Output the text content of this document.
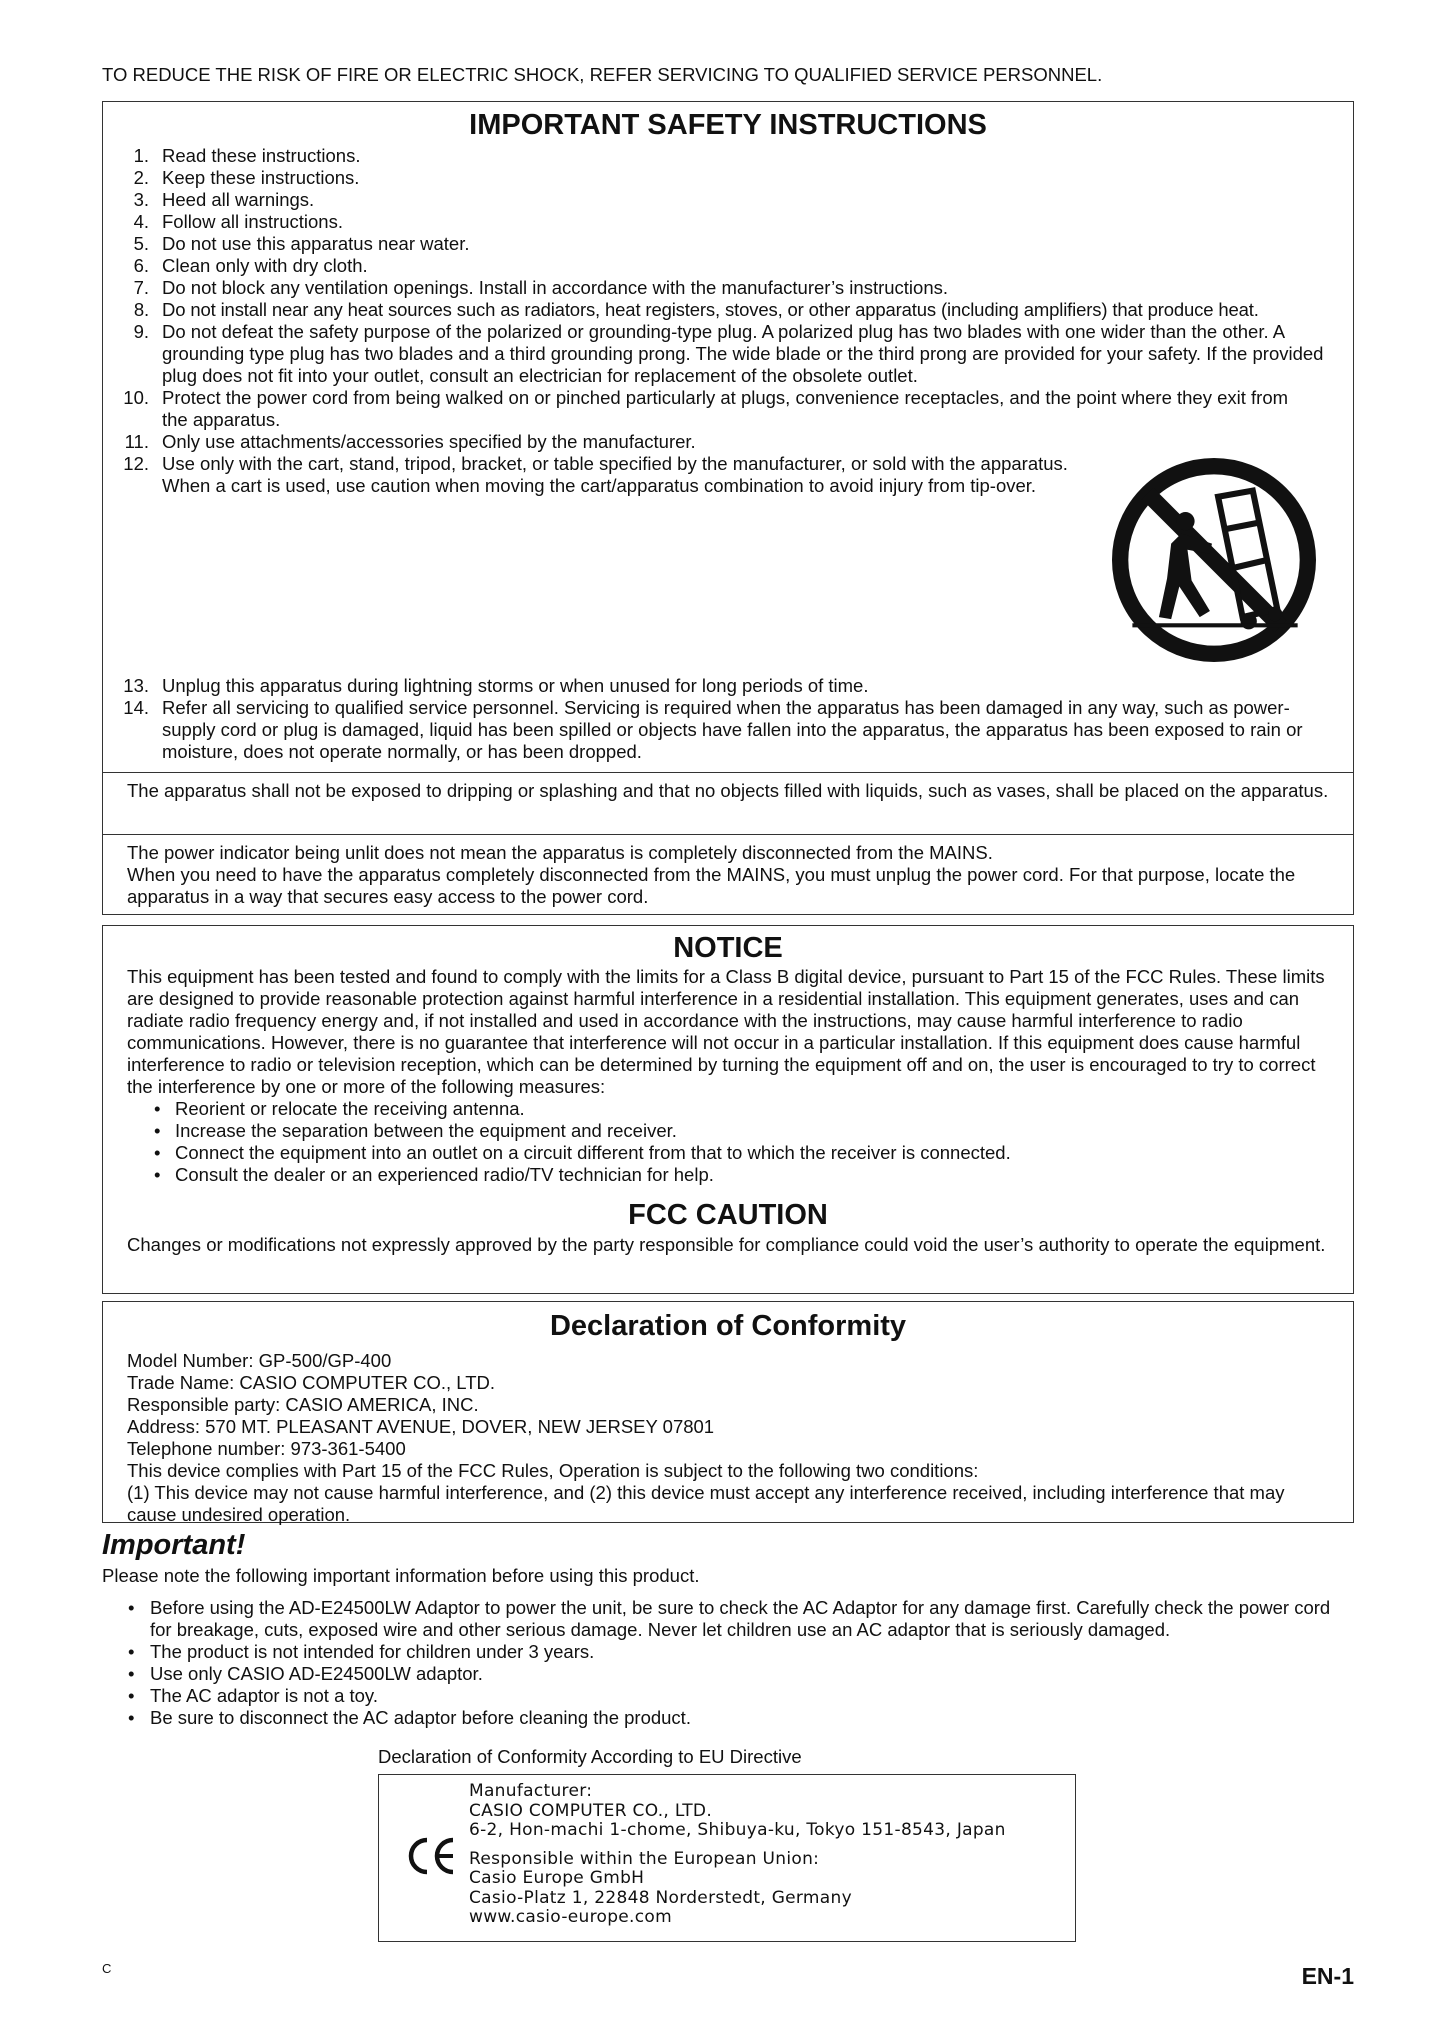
TO REDUCE THE RISK OF FIRE OR ELECTRIC SHOCK, REFER SERVICING TO QUALIFIED SERVICE PERSONNEL.
IMPORTANT SAFETY INSTRUCTIONS
1. Read these instructions.
2. Keep these instructions.
3. Heed all warnings.
4. Follow all instructions.
5. Do not use this apparatus near water.
6. Clean only with dry cloth.
7. Do not block any ventilation openings. Install in accordance with the manufacturer’s instructions.
8. Do not install near any heat sources such as radiators, heat registers, stoves, or other apparatus (including amplifiers) that produce heat.
9. Do not defeat the safety purpose of the polarized or grounding-type plug. A polarized plug has two blades with one wider than the other. A grounding type plug has two blades and a third grounding prong. The wide blade or the third prong are provided for your safety. If the provided plug does not fit into your outlet, consult an electrician for replacement of the obsolete outlet.
10. Protect the power cord from being walked on or pinched particularly at plugs, convenience receptacles, and the point where they exit from the apparatus.
11. Only use attachments/accessories specified by the manufacturer.
12. Use only with the cart, stand, tripod, bracket, or table specified by the manufacturer, or sold with the apparatus. When a cart is used, use caution when moving the cart/apparatus combination to avoid injury from tip-over.
13. Unplug this apparatus during lightning storms or when unused for long periods of time.
14. Refer all servicing to qualified service personnel. Servicing is required when the apparatus has been damaged in any way, such as power-supply cord or plug is damaged, liquid has been spilled or objects have fallen into the apparatus, the apparatus has been exposed to rain or moisture, does not operate normally, or has been dropped.
The apparatus shall not be exposed to dripping or splashing and that no objects filled with liquids, such as vases, shall be placed on the apparatus.
The power indicator being unlit does not mean the apparatus is completely disconnected from the MAINS.
When you need to have the apparatus completely disconnected from the MAINS, you must unplug the power cord. For that purpose, locate the apparatus in a way that secures easy access to the power cord.
NOTICE
This equipment has been tested and found to comply with the limits for a Class B digital device, pursuant to Part 15 of the FCC Rules. These limits are designed to provide reasonable protection against harmful interference in a residential installation. This equipment generates, uses and can radiate radio frequency energy and, if not installed and used in accordance with the instructions, may cause harmful interference to radio communications. However, there is no guarantee that interference will not occur in a particular installation. If this equipment does cause harmful interference to radio or television reception, which can be determined by turning the equipment off and on, the user is encouraged to try to correct the interference by one or more of the following measures:
• Reorient or relocate the receiving antenna.
• Increase the separation between the equipment and receiver.
• Connect the equipment into an outlet on a circuit different from that to which the receiver is connected.
• Consult the dealer or an experienced radio/TV technician for help.
FCC CAUTION
Changes or modifications not expressly approved by the party responsible for compliance could void the user’s authority to operate the equipment.
Declaration of Conformity
Model Number: GP-500/GP-400
Trade Name: CASIO COMPUTER CO., LTD.
Responsible party: CASIO AMERICA, INC.
Address: 570 MT. PLEASANT AVENUE, DOVER, NEW JERSEY 07801
Telephone number: 973-361-5400
This device complies with Part 15 of the FCC Rules, Operation is subject to the following two conditions:
(1) This device may not cause harmful interference, and (2) this device must accept any interference received, including interference that may cause undesired operation.
Important!
Please note the following important information before using this product.
• Before using the AD-E24500LW Adaptor to power the unit, be sure to check the AC Adaptor for any damage first. Carefully check the power cord for breakage, cuts, exposed wire and other serious damage. Never let children use an AC adaptor that is seriously damaged.
• The product is not intended for children under 3 years.
• Use only CASIO AD-E24500LW adaptor.
• The AC adaptor is not a toy.
• Be sure to disconnect the AC adaptor before cleaning the product.
Declaration of Conformity According to EU Directive
Manufacturer:
CASIO COMPUTER CO., LTD.
6-2, Hon-machi 1-chome, Shibuya-ku, Tokyo 151-8543, Japan
Responsible within the European Union:
Casio Europe GmbH
Casio-Platz 1, 22848 Norderstedt, Germany
www.casio-europe.com
C	EN-1
